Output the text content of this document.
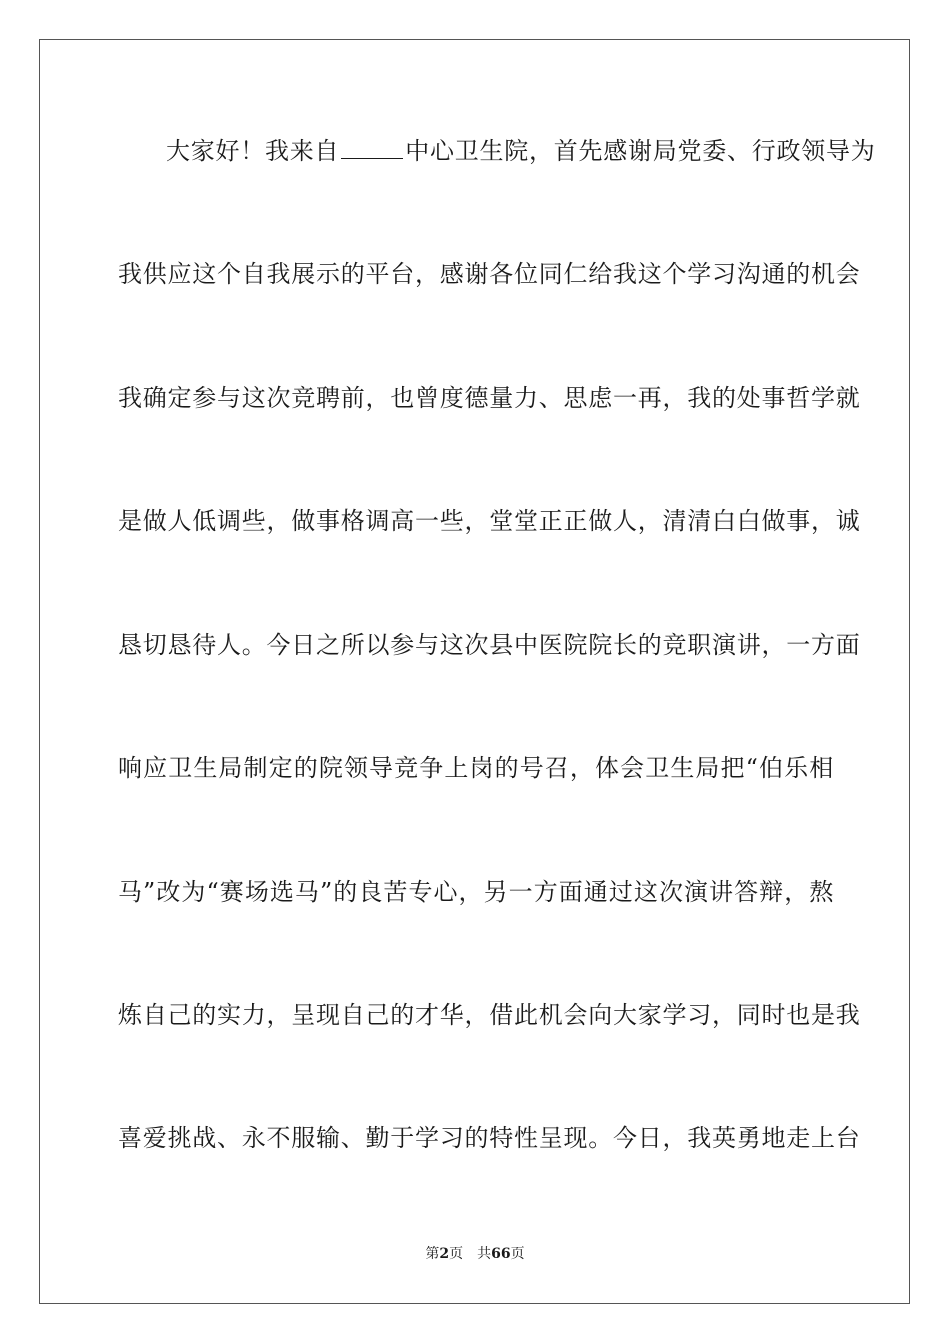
大家好！我来自	中心卫生院，首先感谢局党委、行政领导为
我供应这个自我展示的平台，感谢各位同仁给我这个学习沟通的机会
我确定参与这次竞聘前，也曾度德量力、思虑一再，我的处事哲学就
是做人低调些，做事格调高一些，堂堂正正做人，清清白白做事，诚
恳切恳待人。今日之所以参与这次县中医院院长的竞职演讲，一方面
响应卫生局制定的院领导竞争上岗的号召，体会卫生局把“伯乐相
马”改为“赛场选马”的良苦专心，另一方面通过这次演讲答辩，熬
炼自己的实力，呈现自己的才华，借此机会向大家学习，同时也是我
喜爱挑战、永不服输、勤于学习的特性呈现。今日，我英勇地走上台
第2页 共66页
